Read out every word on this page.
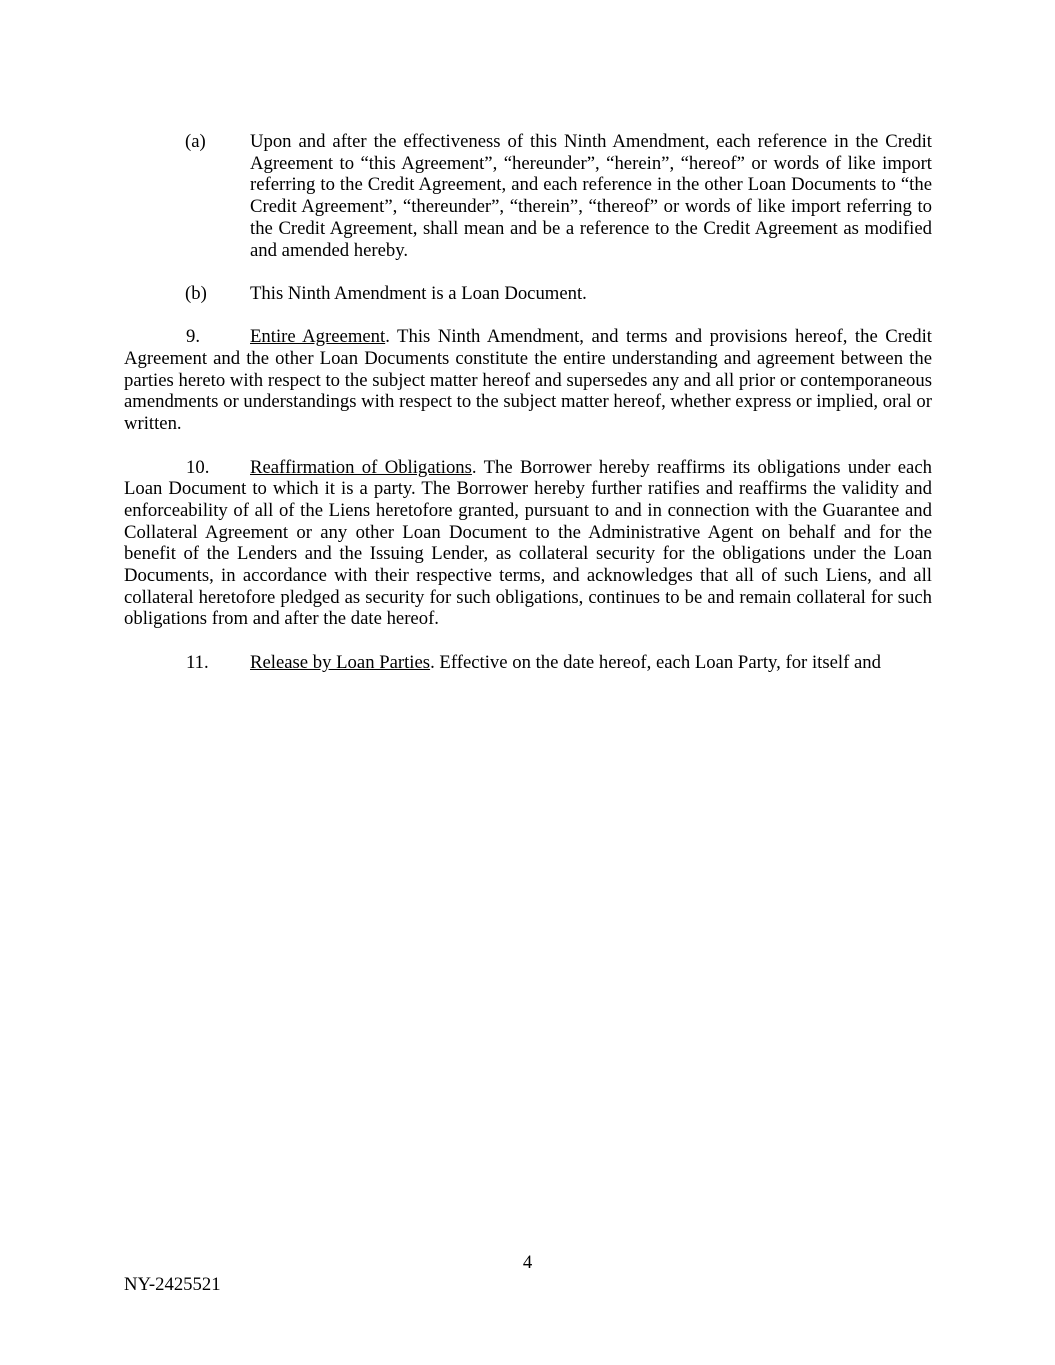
(a) Upon and after the effectiveness of this Ninth Amendment, each reference in the Credit Agreement to “this Agreement”, “hereunder”, “herein”, “hereof” or words of like import referring to the Credit Agreement, and each reference in the other Loan Documents to “the Credit Agreement”, “thereunder”, “therein”, “thereof” or words of like import referring to the Credit Agreement, shall mean and be a reference to the Credit Agreement as modified and amended hereby.
(b) This Ninth Amendment is a Loan Document.

9.	Entire Agreement. This Ninth Amendment, and terms and provisions hereof, the Credit Agreement and the other Loan Documents constitute the entire understanding and agreement between the parties hereto with respect to the subject matter hereof and supersedes any and all prior or contemporaneous amendments or understandings with respect to the subject matter hereof, whether express or implied, oral or written.

10. Reaffirmation of Obligations. The Borrower hereby reaffirms its obligations under each Loan Document to which it is a party. The Borrower hereby further ratifies and reaffirms the validity and enforceability of all of the Liens heretofore granted, pursuant to and in connection with the Guarantee and Collateral Agreement or any other Loan Document to the Administrative Agent on behalf and for the benefit of the Lenders and the Issuing Lender, as collateral security for the obligations under the Loan Documents, in accordance with their respective terms, and acknowledges that all of such Liens, and all collateral heretofore pledged as security for such obligations, continues to be and remain collateral for such obligations from and after the date hereof.

11. Release by Loan Parties. Effective on the date hereof, each Loan Party, for itself and

4
NY-2425521
